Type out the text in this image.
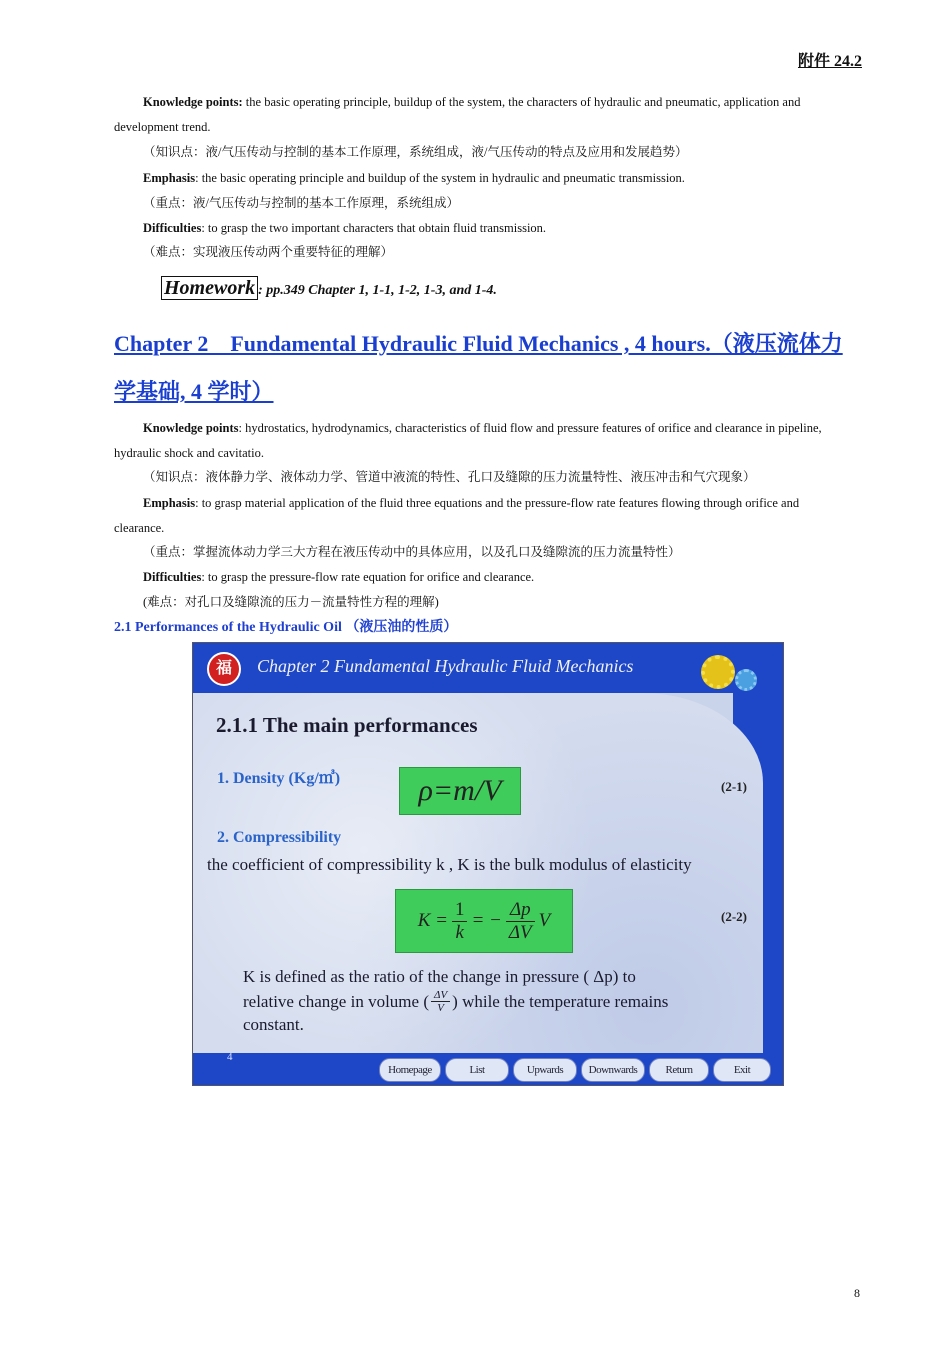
附件 24.2
Knowledge points: the basic operating principle, buildup of the system, the characters of hydraulic and pneumatic, application and development trend.
（知识点：液/气压传动与控制的基本工作原理，系统组成，液/气压传动的特点及应用和发展趋势）
Emphasis: the basic operating principle and buildup of the system in hydraulic and pneumatic transmission.
（重点：液/气压传动与控制的基本工作原理，系统组成）
Difficulties: to grasp the two important characters that obtain fluid transmission.
（难点：实现液压传动两个重要特征的理解）
Homework : pp.349 Chapter 1, 1-1, 1-2, 1-3, and 1-4.
Chapter 2　Fundamental Hydraulic Fluid Mechanics , 4 hours.（液压流体力学基础, 4 学时）
Knowledge points: hydrostatics, hydrodynamics, characteristics of fluid flow and pressure features of orifice and clearance in pipeline, hydraulic shock and cavitatio.
（知识点：液体静力学、液体动力学、管道中液流的特性、孔口及缝隙的压力流量特性、液压冲击和气穴现象）
Emphasis: to grasp material application of the fluid three equations and the pressure-flow rate features flowing through orifice and clearance.
（重点：掌握流体动力学三大方程在液压传动中的具体应用，以及孔口及缝隙流的压力流量特性）
Difficulties: to grasp the pressure-flow rate equation for orifice and clearance.
(难点：对孔口及缝隙流的压力－流量特性方程的理解)
2.1 Performances of the Hydraulic Oil （液压油的性质）
福	Chapter 2 Fundamental Hydraulic Fluid Mechanics
2.1.1 The main performances
1. Density (Kg/㎥)	ρ=m/V	(2-1)
2. Compressibility
the coefficient of compressibility k , K is the bulk modulus of elasticity
$K = \frac{1}{k}$ = − $\frac{\Delta p}{\Delta V}$ V	(2-2)
K is defined as the ratio of the change in pressure ( Δp) to
relative change in volume ( $\frac{\Delta V}{V}$ ) while the temperature remains
constant.
4
Homepage	List	Upwards	Downwards	Return	Exit
8
